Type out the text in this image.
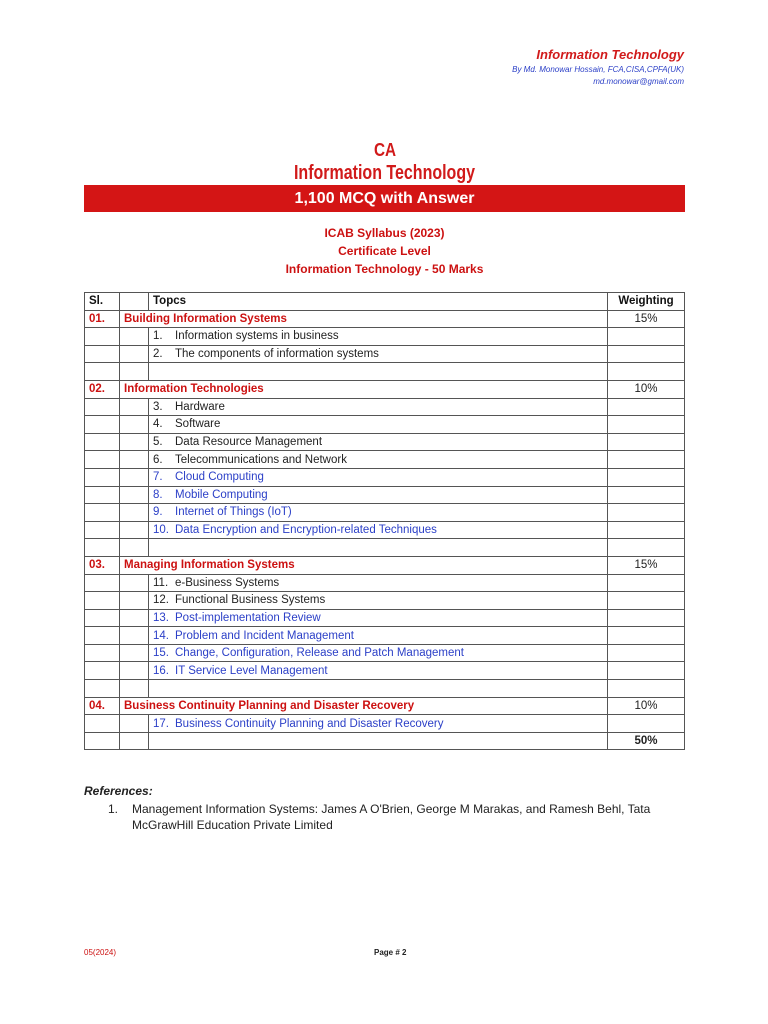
Information Technology
By Md. Monowar Hossain, FCA,CISA,CPFA(UK)
md.monowar@gmail.com
CA
Information Technology
1,100 MCQ with Answer
ICAB Syllabus (2023)
Certificate Level
Information Technology - 50 Marks
Sl.		Topcs	Weighting
01.	Building Information Systems		15%
		1. Information systems in business	
		2. The components of information systems	

02.	Information Technologies		10%
		3. Hardware	
		4. Software	
		5. Data Resource Management	
		6. Telecommunications and Network	
		7. Cloud Computing	
		8. Mobile Computing	
		9. Internet of Things (IoT)	
		10. Data Encryption and Encryption-related Techniques	

03.	Managing Information Systems		15%
		11. e-Business Systems	
		12. Functional Business Systems	
		13. Post-implementation Review	
		14. Problem and Incident Management	
		15. Change, Configuration, Release and Patch Management	
		16. IT Service Level Management	

04.	Business Continuity Planning and Disaster Recovery		10%
		17. Business Continuity Planning and Disaster Recovery	
			50%
References:
1.	Management Information Systems: James A O'Brien, George M Marakas, and Ramesh Behl, Tata McGrawHill Education Private Limited
05(2024)	Page # 2
